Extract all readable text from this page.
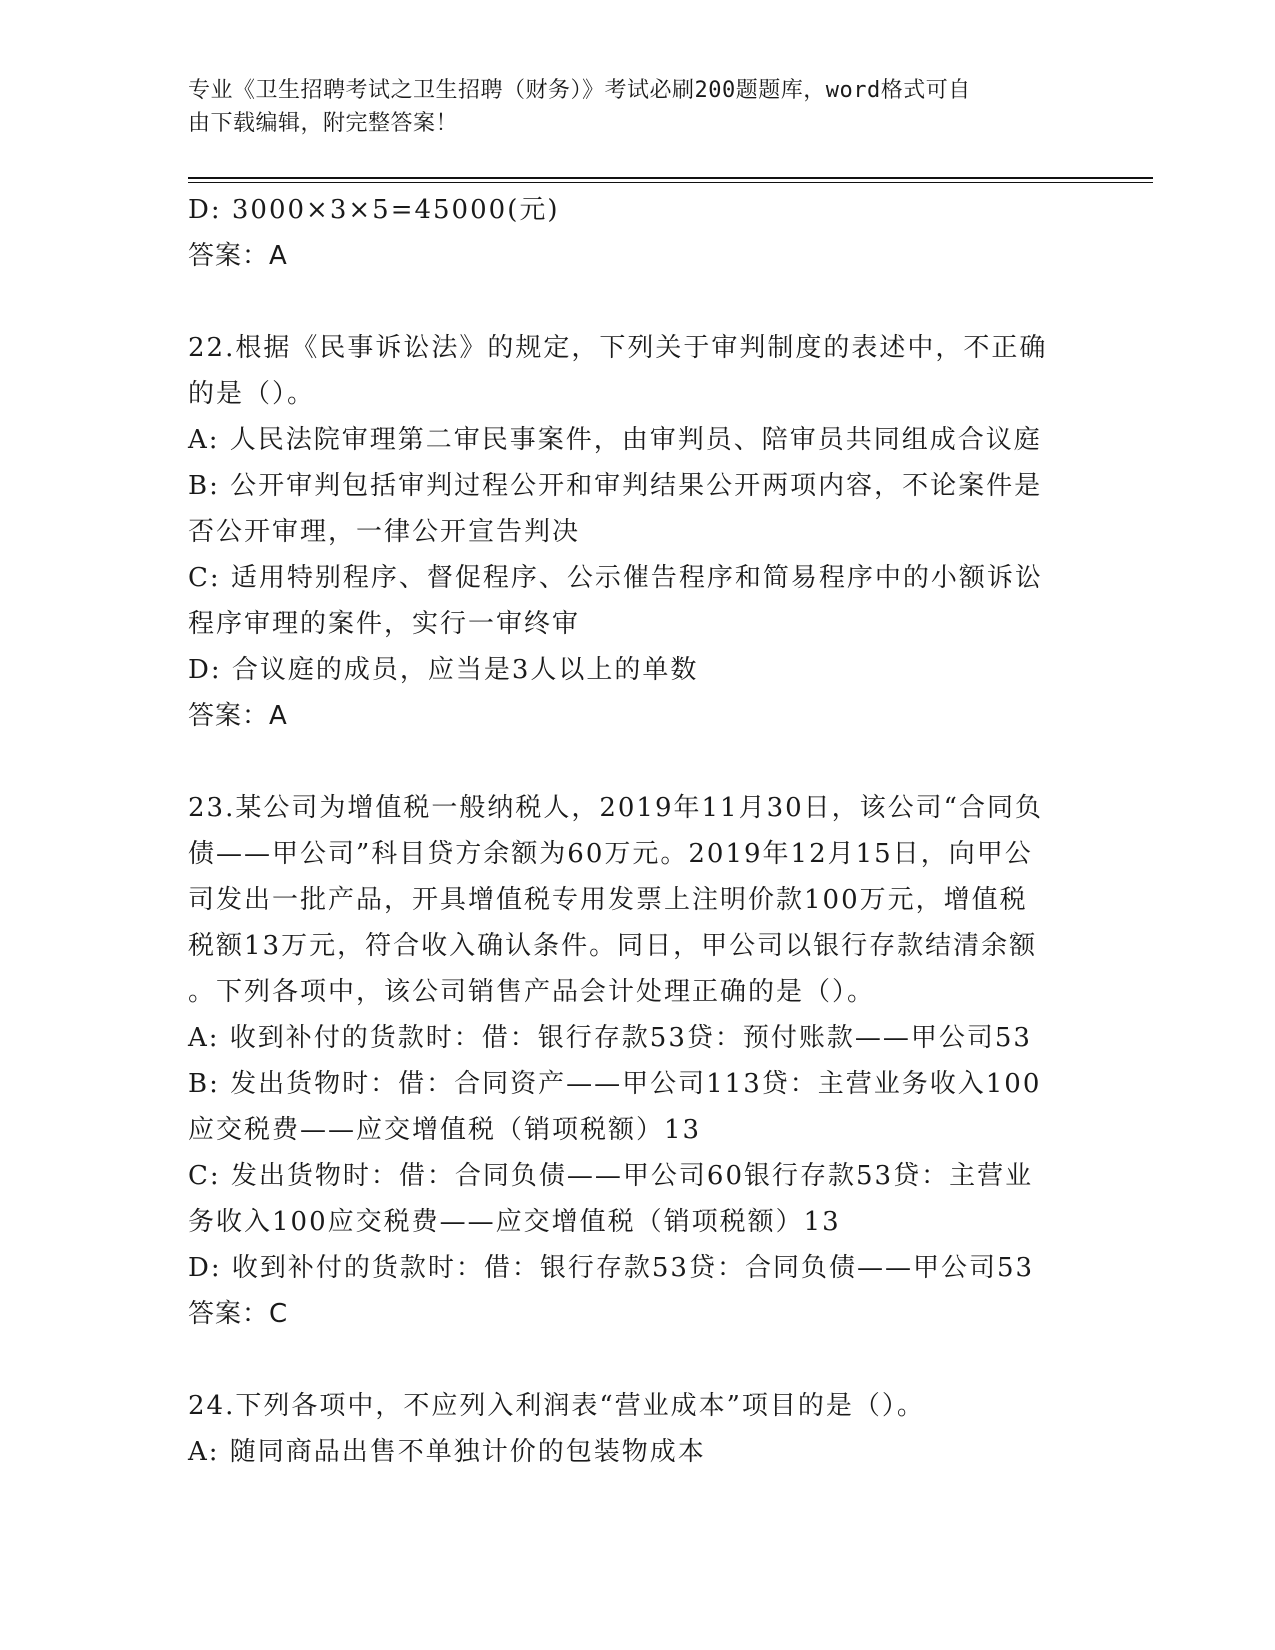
专业《卫生招聘考试之卫生招聘（财务）》考试必刷200题题库，word格式可自
由下载编辑，附完整答案！
D: 3000×3×5=45000(元)
答案：A
22.根据《民事诉讼法》的规定，下列关于审判制度的表述中，不正确
的是（）。
A: 人民法院审理第二审民事案件，由审判员、陪审员共同组成合议庭
B: 公开审判包括审判过程公开和审判结果公开两项内容，不论案件是
否公开审理，一律公开宣告判决
C: 适用特别程序、督促程序、公示催告程序和简易程序中的小额诉讼
程序审理的案件，实行一审终审
D: 合议庭的成员，应当是3人以上的单数
答案：A
23.某公司为增值税一般纳税人，2019年11月30日，该公司“合同负
债——甲公司”科目贷方余额为60万元。2019年12月15日，向甲公
司发出一批产品，开具增值税专用发票上注明价款100万元，增值税
税额13万元，符合收入确认条件。同日，甲公司以银行存款结清余额
。下列各项中，该公司销售产品会计处理正确的是（）。
A: 收到补付的货款时：借：银行存款53贷：预付账款——甲公司53
B: 发出货物时：借：合同资产——甲公司113贷：主营业务收入100
应交税费——应交增值税（销项税额）13
C: 发出货物时：借：合同负债——甲公司60银行存款53贷：主营业
务收入100应交税费——应交增值税（销项税额）13
D: 收到补付的货款时：借：银行存款53贷：合同负债——甲公司53
答案：C
24.下列各项中，不应列入利润表“营业成本”项目的是（）。
A: 随同商品出售不单独计价的包装物成本
